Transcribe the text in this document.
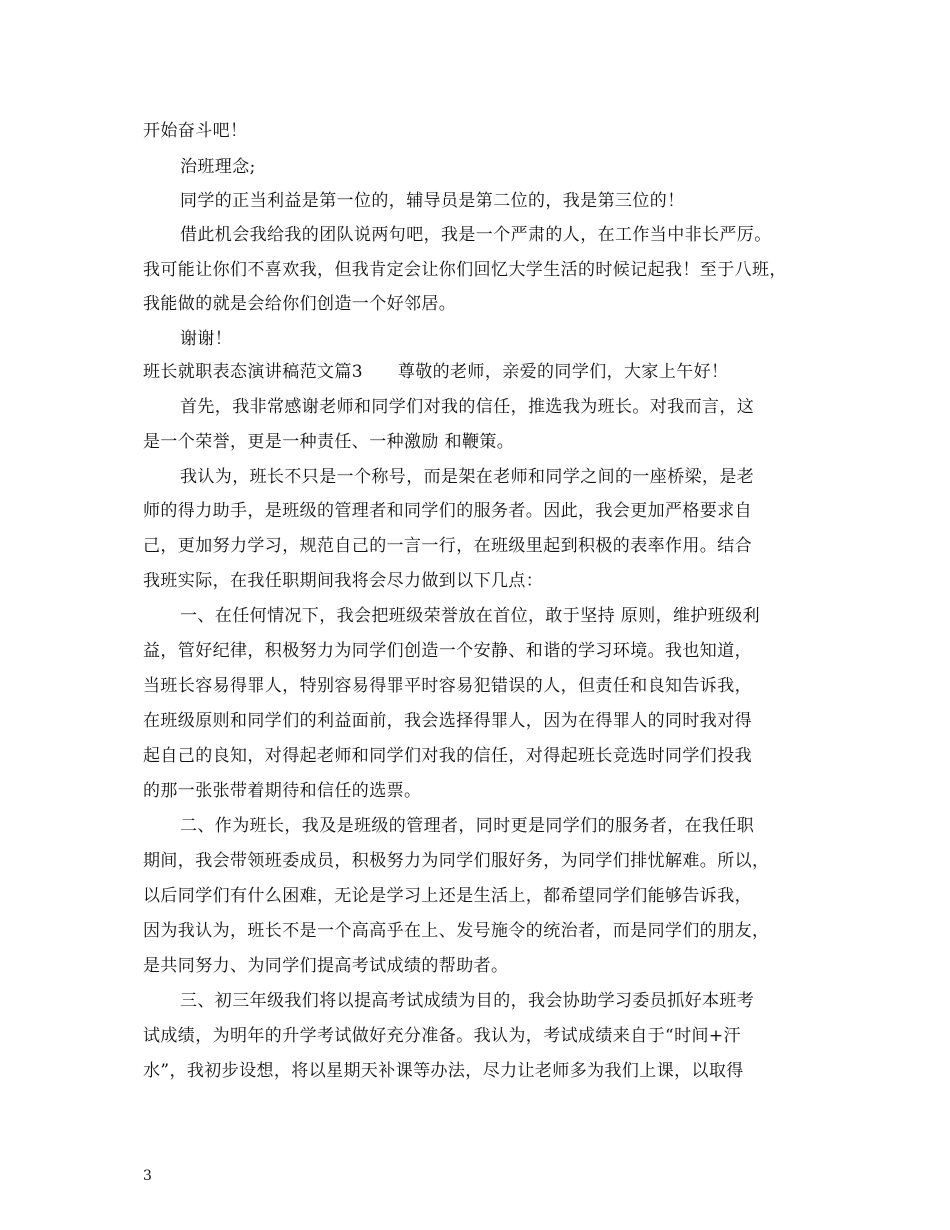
开始奋斗吧！
治班理念;
同学的正当利益是第一位的，辅导员是第二位的，我是第三位的！
借此机会我给我的团队说两句吧，我是一个严肃的人，在工作当中非长严厉。
我可能让你们不喜欢我，但我肯定会让你们回忆大学生活的时候记起我！至于八班，
我能做的就是会给你们创造一个好邻居。
谢谢！
班长就职表态演讲稿范文篇3　　尊敬的老师，亲爱的同学们，大家上午好！
首先，我非常感谢老师和同学们对我的信任，推选我为班长。对我而言，这
是一个荣誉，更是一种责任、一种激励 和鞭策。
我认为，班长不只是一个称号，而是架在老师和同学之间的一座桥梁，是老
师的得力助手，是班级的管理者和同学们的服务者。因此，我会更加严格要求自
己，更加努力学习，规范自己的一言一行，在班级里起到积极的表率作用。结合
我班实际，在我任职期间我将会尽力做到以下几点：
一、在任何情况下，我会把班级荣誉放在首位，敢于坚持 原则，维护班级利
益，管好纪律，积极努力为同学们创造一个安静、和谐的学习环境。我也知道，
当班长容易得罪人，特别容易得罪平时容易犯错误的人，但责任和良知告诉我，
在班级原则和同学们的利益面前，我会选择得罪人，因为在得罪人的同时我对得
起自己的良知，对得起老师和同学们对我的信任，对得起班长竞选时同学们投我
的那一张张带着期待和信任的选票。
二、作为班长，我及是班级的管理者，同时更是同学们的服务者，在我任职
期间，我会带领班委成员，积极努力为同学们服好务，为同学们排忧解难。所以，
以后同学们有什么困难，无论是学习上还是生活上，都希望同学们能够告诉我，
因为我认为，班长不是一个高高乎在上、发号施令的统治者，而是同学们的朋友，
是共同努力、为同学们提高考试成绩的帮助者。
三、初三年级我们将以提高考试成绩为目的，我会协助学习委员抓好本班考
试成绩，为明年的升学考试做好充分准备。我认为，考试成绩来自于“时间+汗
水”，我初步设想，将以星期天补课等办法，尽力让老师多为我们上课，以取得
3
